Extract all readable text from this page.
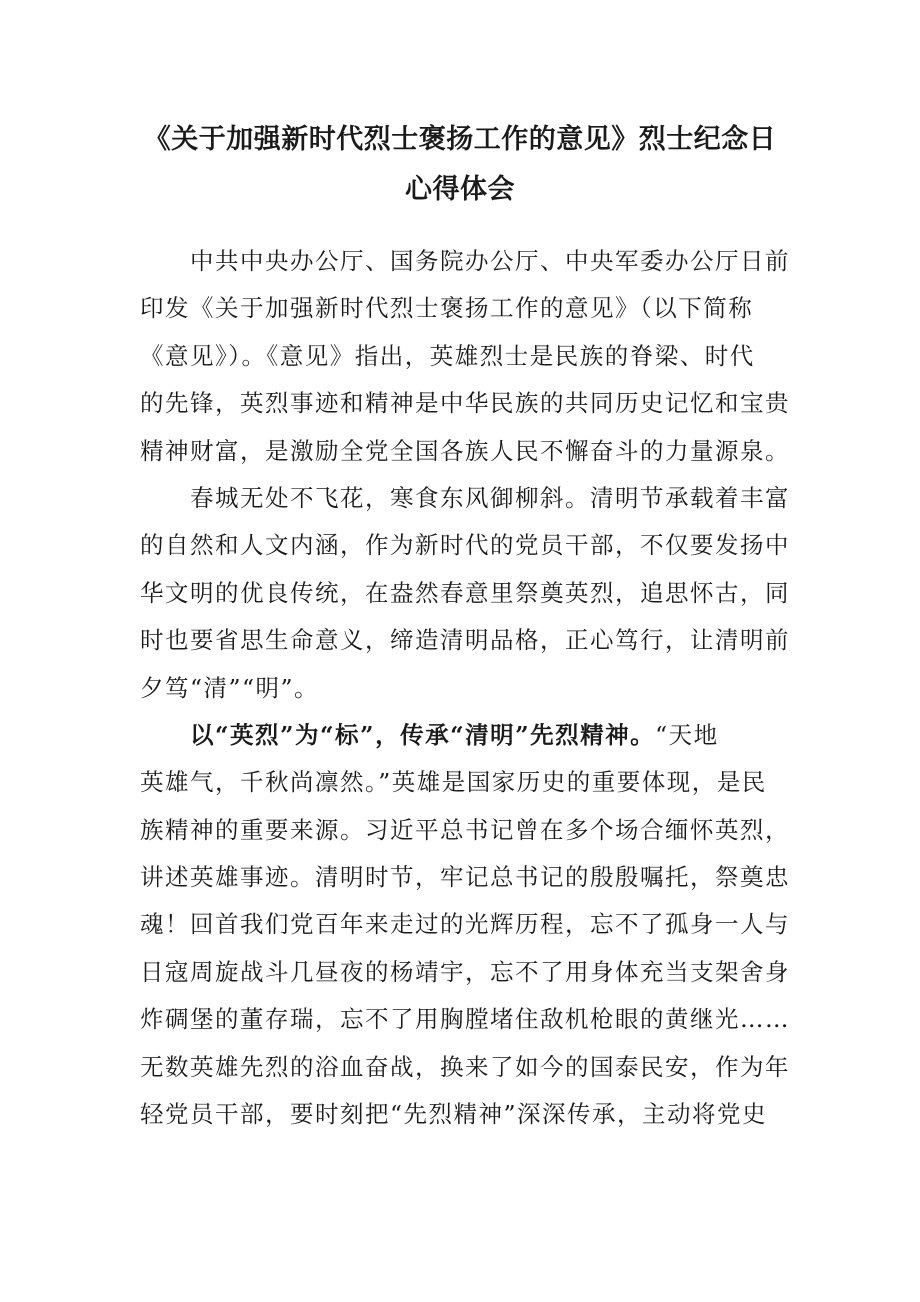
《关于加强新时代烈士褒扬工作的意见》烈士纪念日
心得体会
中共中央办公厅、国务院办公厅、中央军委办公厅日前
印发《关于加强新时代烈士褒扬工作的意见》（以下简称
《意见》）。《意见》指出，英雄烈士是民族的脊梁、时代
的先锋，英烈事迹和精神是中华民族的共同历史记忆和宝贵
精神财富，是激励全党全国各族人民不懈奋斗的力量源泉。
春城无处不飞花，寒食东风御柳斜。清明节承载着丰富
的自然和人文内涵，作为新时代的党员干部，不仅要发扬中
华文明的优良传统，在盎然春意里祭奠英烈，追思怀古，同
时也要省思生命意义，缔造清明品格，正心笃行，让清明前
夕笃“清”“明”。
以“英烈”为“标”，传承“清明”先烈精神。“天地
英雄气，千秋尚凛然。”英雄是国家历史的重要体现，是民
族精神的重要来源。习近平总书记曾在多个场合缅怀英烈，
讲述英雄事迹。清明时节，牢记总书记的殷殷嘱托，祭奠忠
魂！回首我们党百年来走过的光辉历程，忘不了孤身一人与
日寇周旋战斗几昼夜的杨靖宇，忘不了用身体充当支架舍身
炸碉堡的董存瑞，忘不了用胸膛堵住敌机枪眼的黄继光……
无数英雄先烈的浴血奋战，换来了如今的国泰民安，作为年
轻党员干部，要时刻把“先烈精神”深深传承，主动将党史
